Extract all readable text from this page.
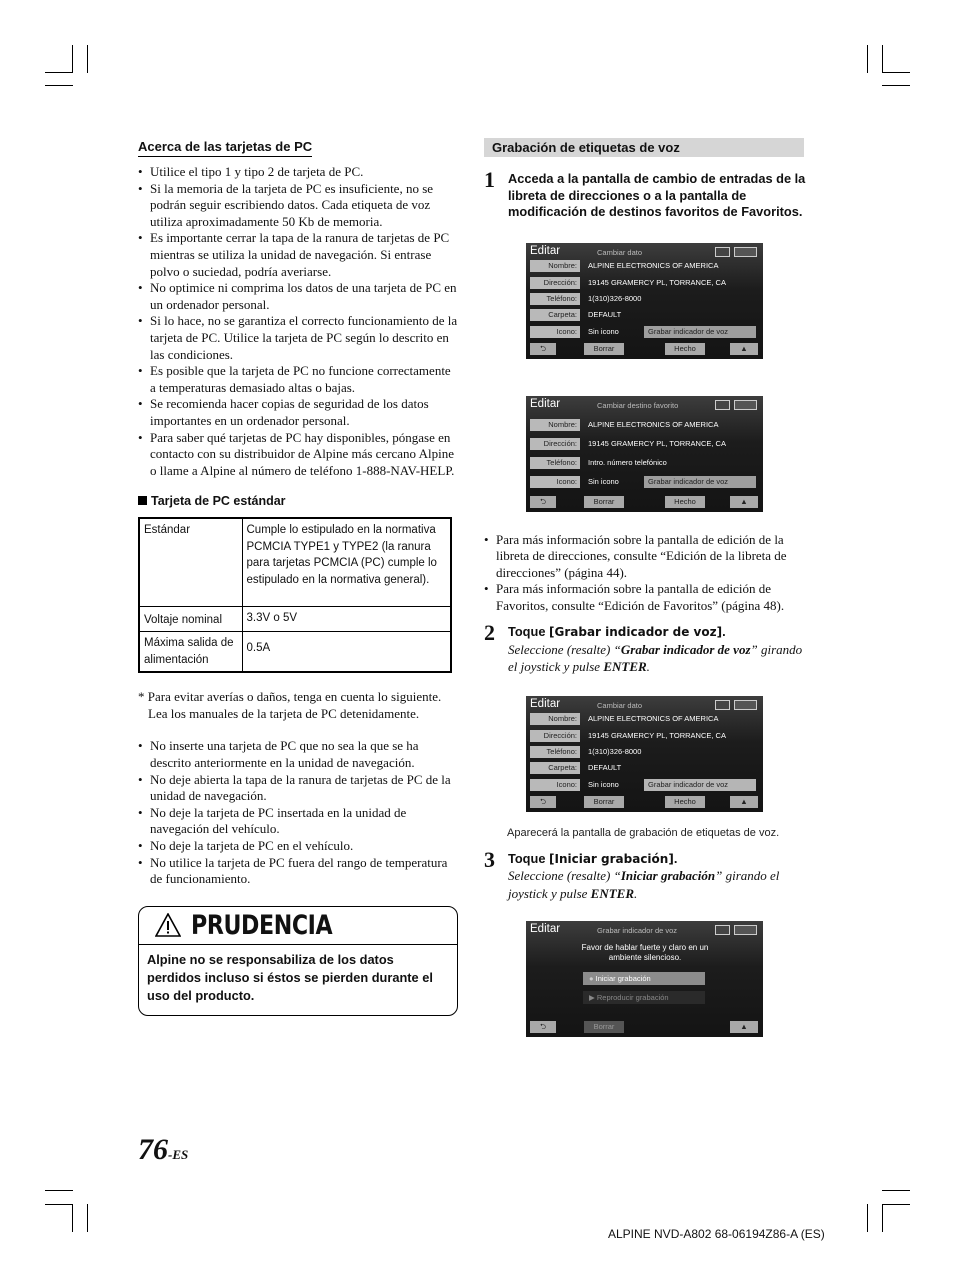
Acerca de las tarjetas de PC
• Utilice el tipo 1 y tipo 2 de tarjeta de PC.
• Si la memoria de la tarjeta de PC es insuficiente, no se podrán seguir escribiendo datos. Cada etiqueta de voz utiliza aproximadamente 50 Kb de memoria.
• Es importante cerrar la tapa de la ranura de tarjetas de PC mientras se utiliza la unidad de navegación. Si entrase polvo o suciedad, podría averiarse.
• No optimice ni comprima los datos de una tarjeta de PC en un ordenador personal.
• Si lo hace, no se garantiza el correcto funcionamiento de la tarjeta de PC. Utilice la tarjeta de PC según lo descrito en las condiciones.
• Es posible que la tarjeta de PC no funcione correctamente a temperaturas demasiado altas o bajas.
• Se recomienda hacer copias de seguridad de los datos importantes en un ordenador personal.
• Para saber qué tarjetas de PC hay disponibles, póngase en contacto con su distribuidor de Alpine más cercano Alpine o llame a Alpine al número de teléfono 1-888-NAV-HELP.
Tarjeta de PC estándar
Estándar	Cumple lo estipulado en la normativa PCMCIA TYPE1 y TYPE2 (la ranura para tarjetas PCMCIA (PC) cumple lo estipulado en la normativa general).
Voltaje nominal	3.3V o 5V
Máxima salida de alimentación	0.5A

* Para evitar averías o daños, tenga en cuenta lo siguiente. Lea los manuales de la tarjeta de PC detenidamente.

• No inserte una tarjeta de PC que no sea la que se ha descrito anteriormente en la unidad de navegación.
• No deje abierta la tapa de la ranura de tarjetas de PC de la unidad de navegación.
• No deje la tarjeta de PC insertada en la unidad de navegación del vehículo.
• No deje la tarjeta de PC en el vehículo.
• No utilice la tarjeta de PC fuera del rango de temperatura de funcionamiento.
PRUDENCIA
Alpine no se responsabiliza de los datos perdidos incluso si éstos se pierden durante el uso del producto.
Grabación de etiquetas de voz
1 Acceda a la pantalla de cambio de entradas de la libreta de direcciones o a la pantalla de modificación de destinos favoritos de Favoritos.
Editar	Cambiar dato
Nombre:	ALPINE ELECTRONICS OF AMERICA
Dirección:	19145 GRAMERCY PL, TORRANCE, CA
Teléfono:	1(310)326-8000
Carpeta:	DEFAULT
Icono:	Sin icono	Grabar indicador de voz
⮌	Borrar	Hecho	▲
Editar	Cambiar destino favorito
Nombre:	ALPINE ELECTRONICS OF AMERICA
Dirección:	19145 GRAMERCY PL, TORRANCE, CA
Teléfono:	Intro. número telefónico
Icono:	Sin icono	Grabar indicador de voz
⮌	Borrar	Hecho	▲
• Para más información sobre la pantalla de edición de la libreta de direcciones, consulte “Edición de la libreta de direcciones” (página 44).
• Para más información sobre la pantalla de edición de Favoritos, consulte “Edición de Favoritos” (página 48).
2 Toque [Grabar indicador de voz].
Seleccione (resalte) “Grabar indicador de voz” girando el joystick y pulse ENTER.
Editar	Cambiar dato
Nombre:	ALPINE ELECTRONICS OF AMERICA
Dirección:	19145 GRAMERCY PL, TORRANCE, CA
Teléfono:	1(310)326-8000
Carpeta:	DEFAULT
Icono:	Sin icono	Grabar indicador de voz
⮌	Borrar	Hecho	▲

Aparecerá la pantalla de grabación de etiquetas de voz.

3 Toque [Iniciar grabación].
Seleccione (resalte) “Iniciar grabación” girando el joystick y pulse ENTER.
Editar	Grabar indicador de voz
Favor de hablar fuerte y claro en un ambiente silencioso.
● Iniciar grabación
▶ Reproducir grabación
⮌	Borrar	▲
76-ES
ALPINE NVD-A802 68-06194Z86-A (ES)
